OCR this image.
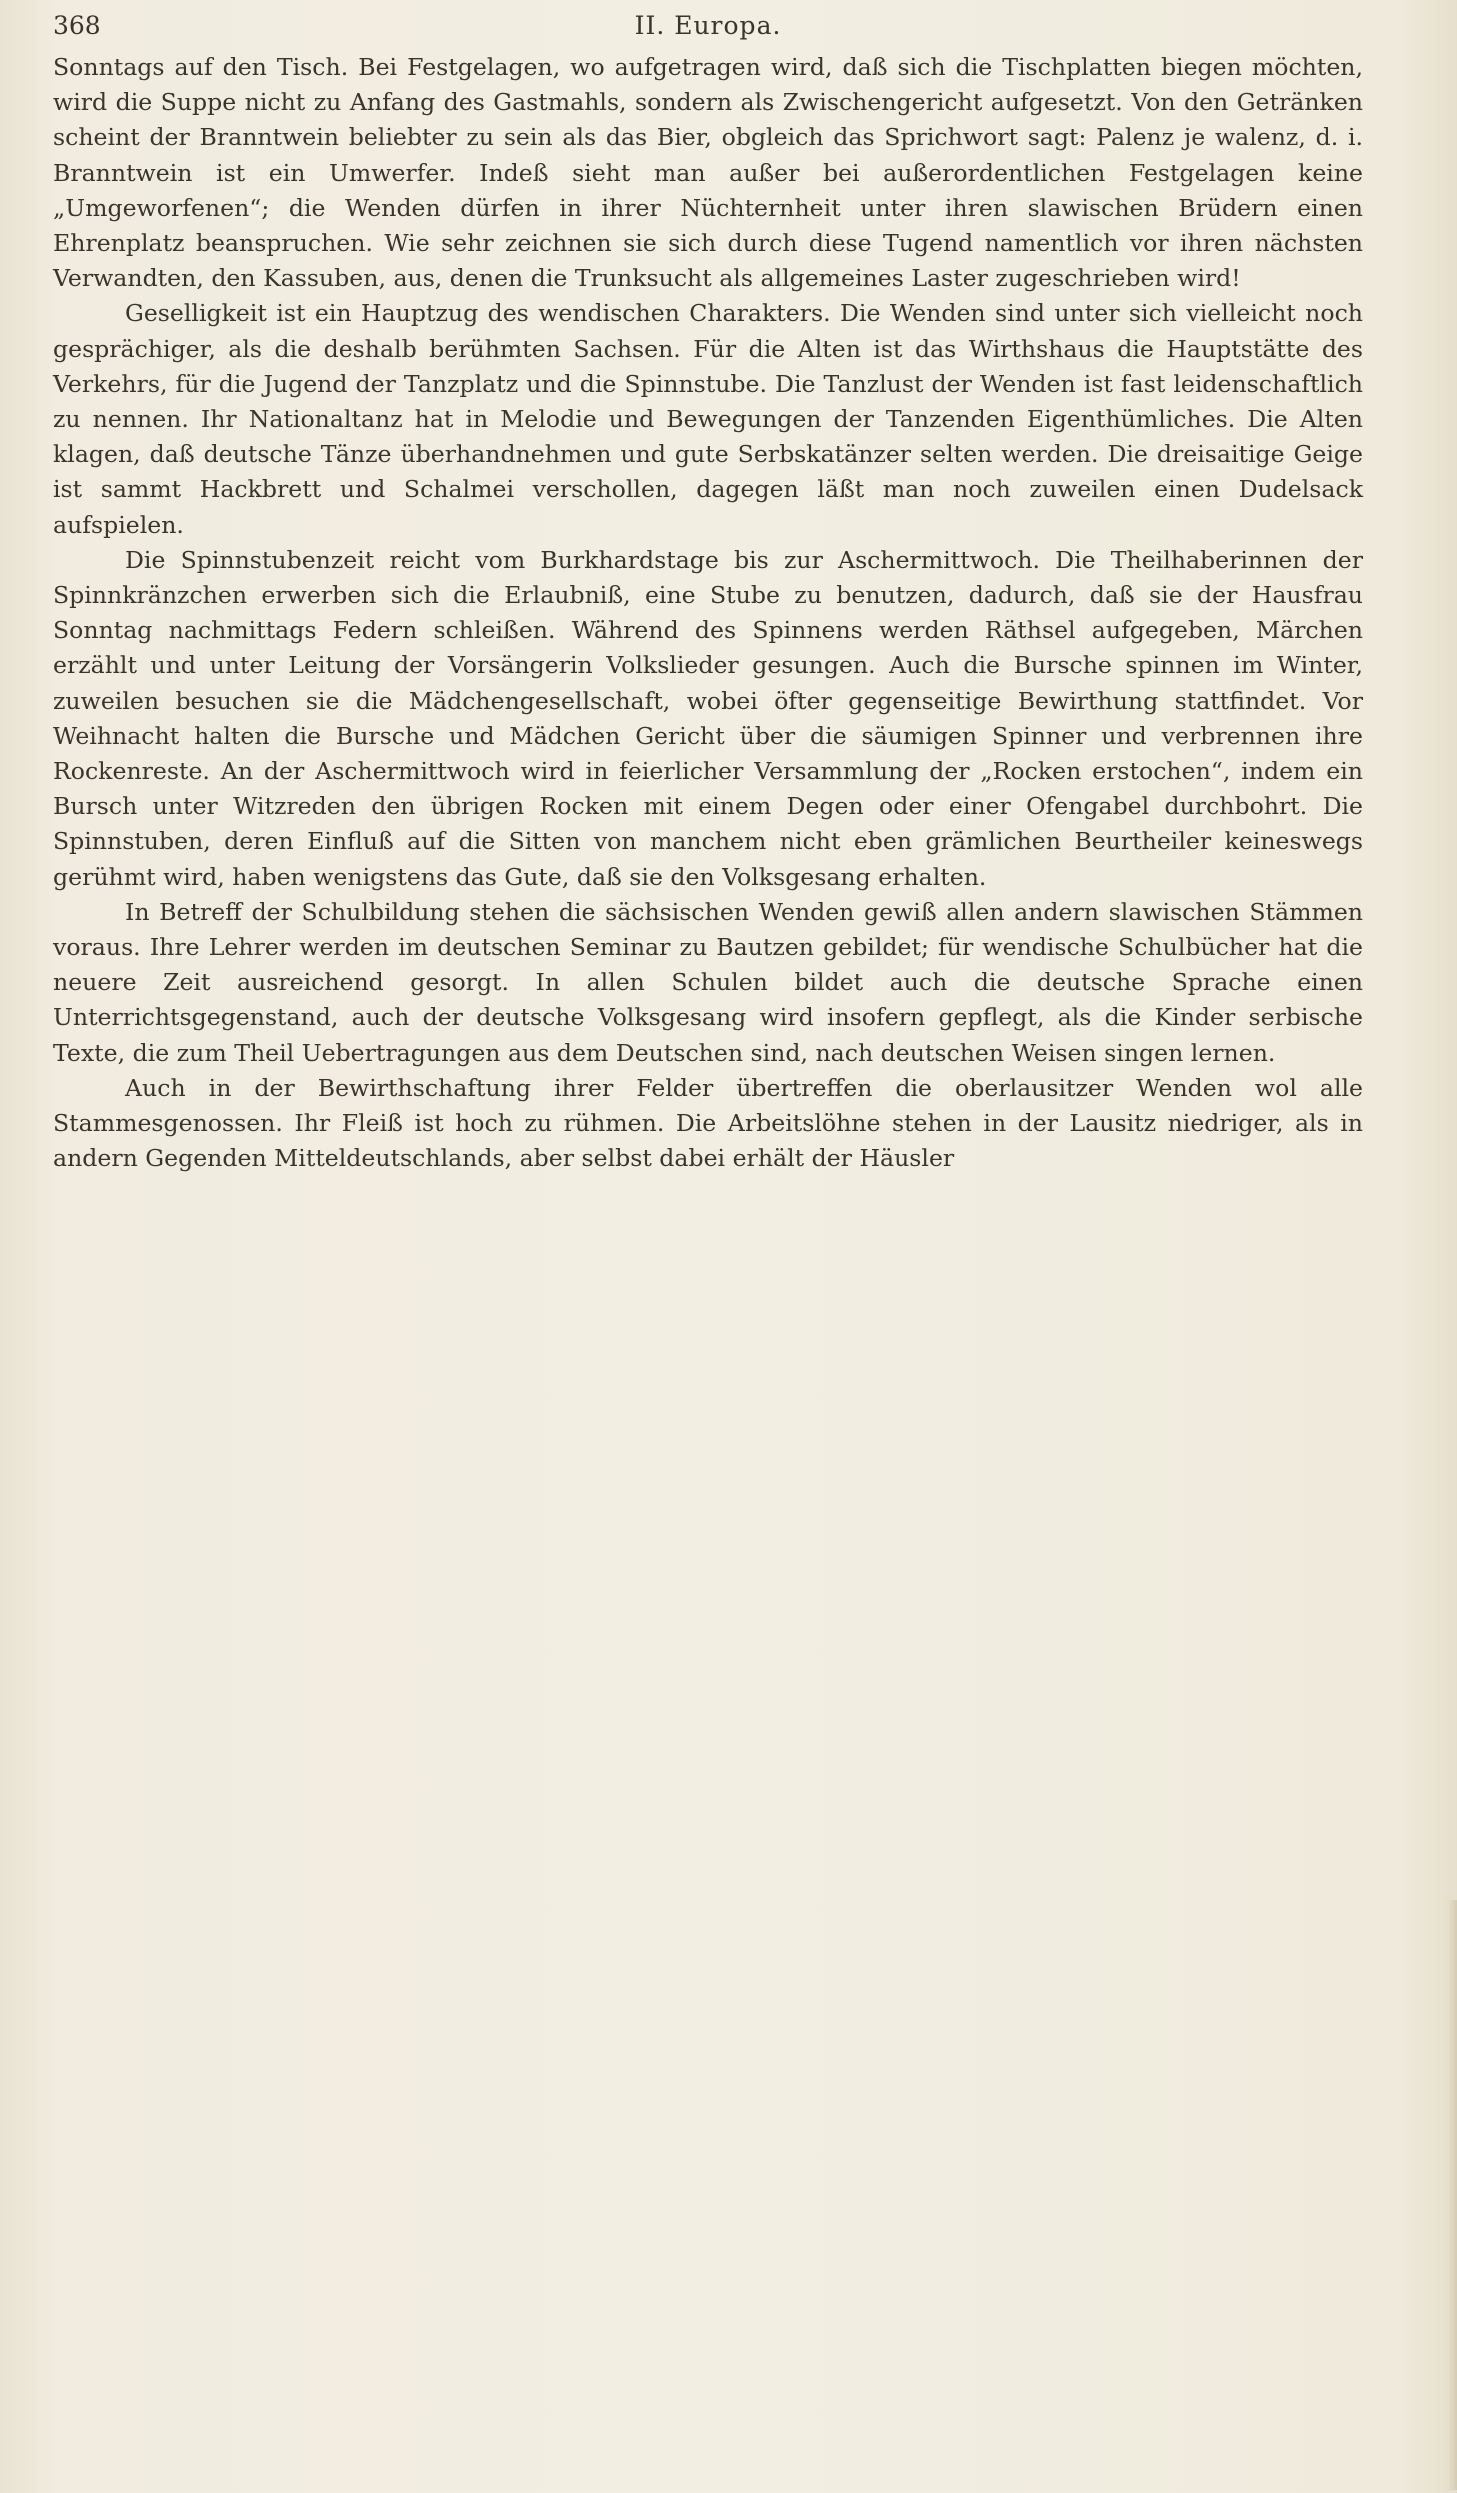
368	II. Europa.

Sonntags auf den Tisch. Bei Festgelagen, wo aufgetragen wird, daß sich die Tischplatten biegen möchten, wird die Suppe nicht zu Anfang des Gastmahls, sondern als Zwischengericht aufgesetzt. Von den Getränken scheint der Branntwein beliebter zu sein als das Bier, obgleich das Sprichwort sagt: Palenz je walenz, d. i. Branntwein ist ein Umwerfer. Indeß sieht man außer bei außerordentlichen Festgelagen keine „Umgeworfenen“; die Wenden dürfen in ihrer Nüchternheit unter ihren slawischen Brüdern einen Ehrenplatz beanspruchen. Wie sehr zeichnen sie sich durch diese Tugend namentlich vor ihren nächsten Verwandten, den Kassuben, aus, denen die Trunksucht als allgemeines Laster zugeschrieben wird!

Geselligkeit ist ein Hauptzug des wendischen Charakters. Die Wenden sind unter sich vielleicht noch gesprächiger, als die deshalb berühmten Sachsen. Für die Alten ist das Wirthshaus die Hauptstätte des Verkehrs, für die Jugend der Tanzplatz und die Spinnstube. Die Tanzlust der Wenden ist fast leidenschaftlich zu nennen. Ihr Nationaltanz hat in Melodie und Bewegungen der Tanzenden Eigenthümliches. Die Alten klagen, daß deutsche Tänze überhandnehmen und gute Serbskatänzer selten werden. Die dreisaitige Geige ist sammt Hackbrett und Schalmei verschollen, dagegen läßt man noch zuweilen einen Dudelsack aufspielen.

Die Spinnstubenzeit reicht vom Burkhardstage bis zur Aschermittwoch. Die Theilhaberinnen der Spinnkränzchen erwerben sich die Erlaubniß, eine Stube zu benutzen, dadurch, daß sie der Hausfrau Sonntag nachmittags Federn schleißen. Während des Spinnens werden Räthsel aufgegeben, Märchen erzählt und unter Leitung der Vorsängerin Volkslieder gesungen. Auch die Bursche spinnen im Winter, zuweilen besuchen sie die Mädchengesellschaft, wobei öfter gegenseitige Bewirthung stattfindet. Vor Weihnacht halten die Bursche und Mädchen Gericht über die säumigen Spinner und verbrennen ihre Rockenreste. An der Aschermittwoch wird in feierlicher Versammlung der „Rocken erstochen“, indem ein Bursch unter Witzreden den übrigen Rocken mit einem Degen oder einer Ofengabel durchbohrt. Die Spinnstuben, deren Einfluß auf die Sitten von manchem nicht eben grämlichen Beurtheiler keineswegs gerühmt wird, haben wenigstens das Gute, daß sie den Volksgesang erhalten.

In Betreff der Schulbildung stehen die sächsischen Wenden gewiß allen andern slawischen Stämmen voraus. Ihre Lehrer werden im deutschen Seminar zu Bautzen gebildet; für wendische Schulbücher hat die neuere Zeit ausreichend gesorgt. In allen Schulen bildet auch die deutsche Sprache einen Unterrichtsgegenstand, auch der deutsche Volksgesang wird insofern gepflegt, als die Kinder serbische Texte, die zum Theil Uebertragungen aus dem Deutschen sind, nach deutschen Weisen singen lernen.

Auch in der Bewirthschaftung ihrer Felder übertreffen die oberlausitzer Wenden wol alle Stammesgenossen. Ihr Fleiß ist hoch zu rühmen. Die Arbeitslöhne stehen in der Lausitz niedriger, als in andern Gegenden Mitteldeutschlands, aber selbst dabei erhält der Häusler
